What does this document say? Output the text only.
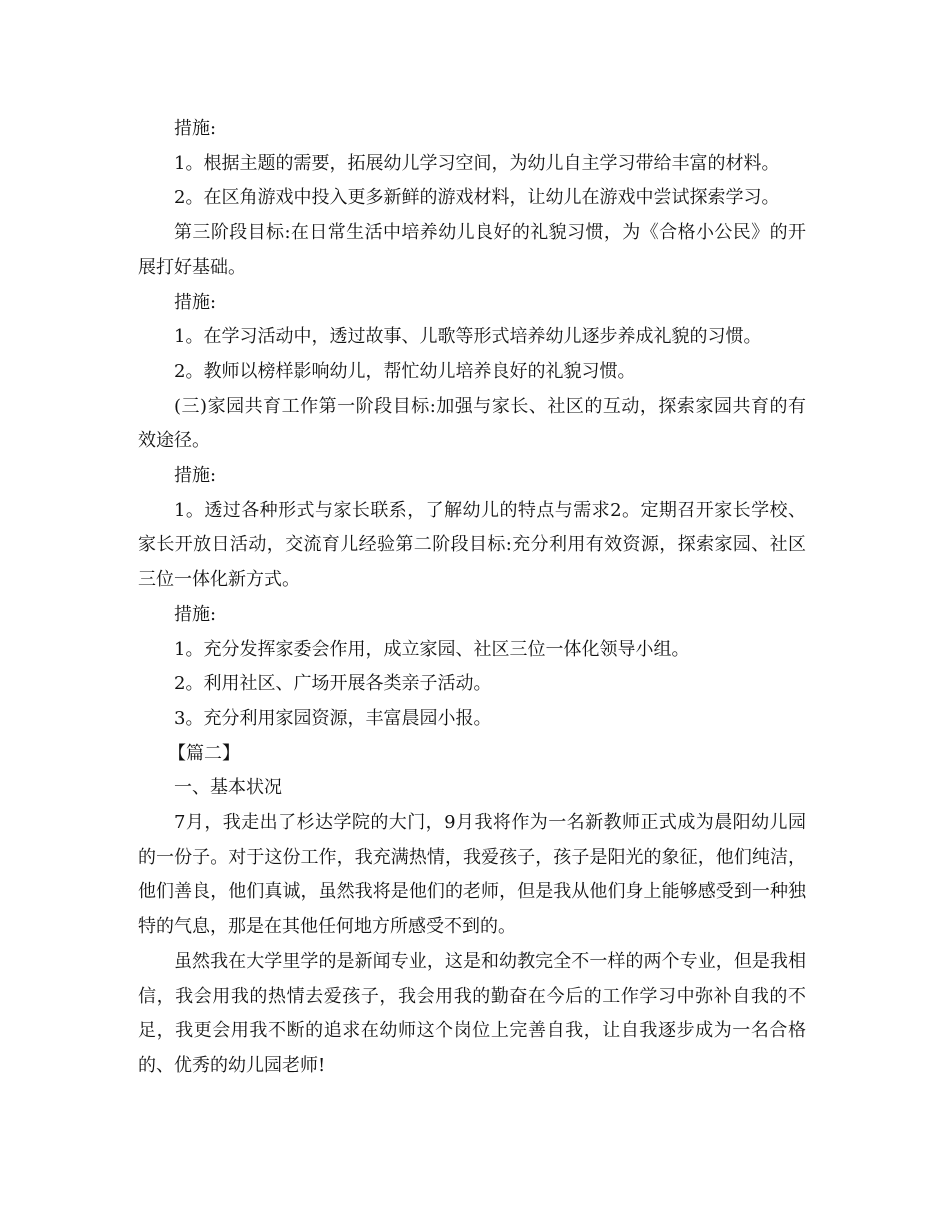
措施:

1。根据主题的需要，拓展幼儿学习空间，为幼儿自主学习带给丰富的材料。

2。在区角游戏中投入更多新鲜的游戏材料，让幼儿在游戏中尝试探索学习。

第三阶段目标:在日常生活中培养幼儿良好的礼貌习惯，为《合格小公民》的开展打好基础。

措施:

1。在学习活动中，透过故事、儿歌等形式培养幼儿逐步养成礼貌的习惯。

2。教师以榜样影响幼儿，帮忙幼儿培养良好的礼貌习惯。

(三)家园共育工作第一阶段目标:加强与家长、社区的互动，探索家园共育的有效途径。

措施:

1。透过各种形式与家长联系，了解幼儿的特点与需求2。定期召开家长学校、家长开放日活动，交流育儿经验第二阶段目标:充分利用有效资源，探索家园、社区三位一体化新方式。

措施:

1。充分发挥家委会作用，成立家园、社区三位一体化领导小组。

2。利用社区、广场开展各类亲子活动。

3。充分利用家园资源，丰富晨园小报。

【篇二】

一、基本状况

7月，我走出了杉达学院的大门，9月我将作为一名新教师正式成为晨阳幼儿园的一份子。对于这份工作，我充满热情，我爱孩子，孩子是阳光的象征，他们纯洁，他们善良，他们真诚，虽然我将是他们的老师，但是我从他们身上能够感受到一种独特的气息，那是在其他任何地方所感受不到的。

虽然我在大学里学的是新闻专业，这是和幼教完全不一样的两个专业，但是我相信，我会用我的热情去爱孩子，我会用我的勤奋在今后的工作学习中弥补自我的不足，我更会用我不断的追求在幼师这个岗位上完善自我，让自我逐步成为一名合格的、优秀的幼儿园老师!
